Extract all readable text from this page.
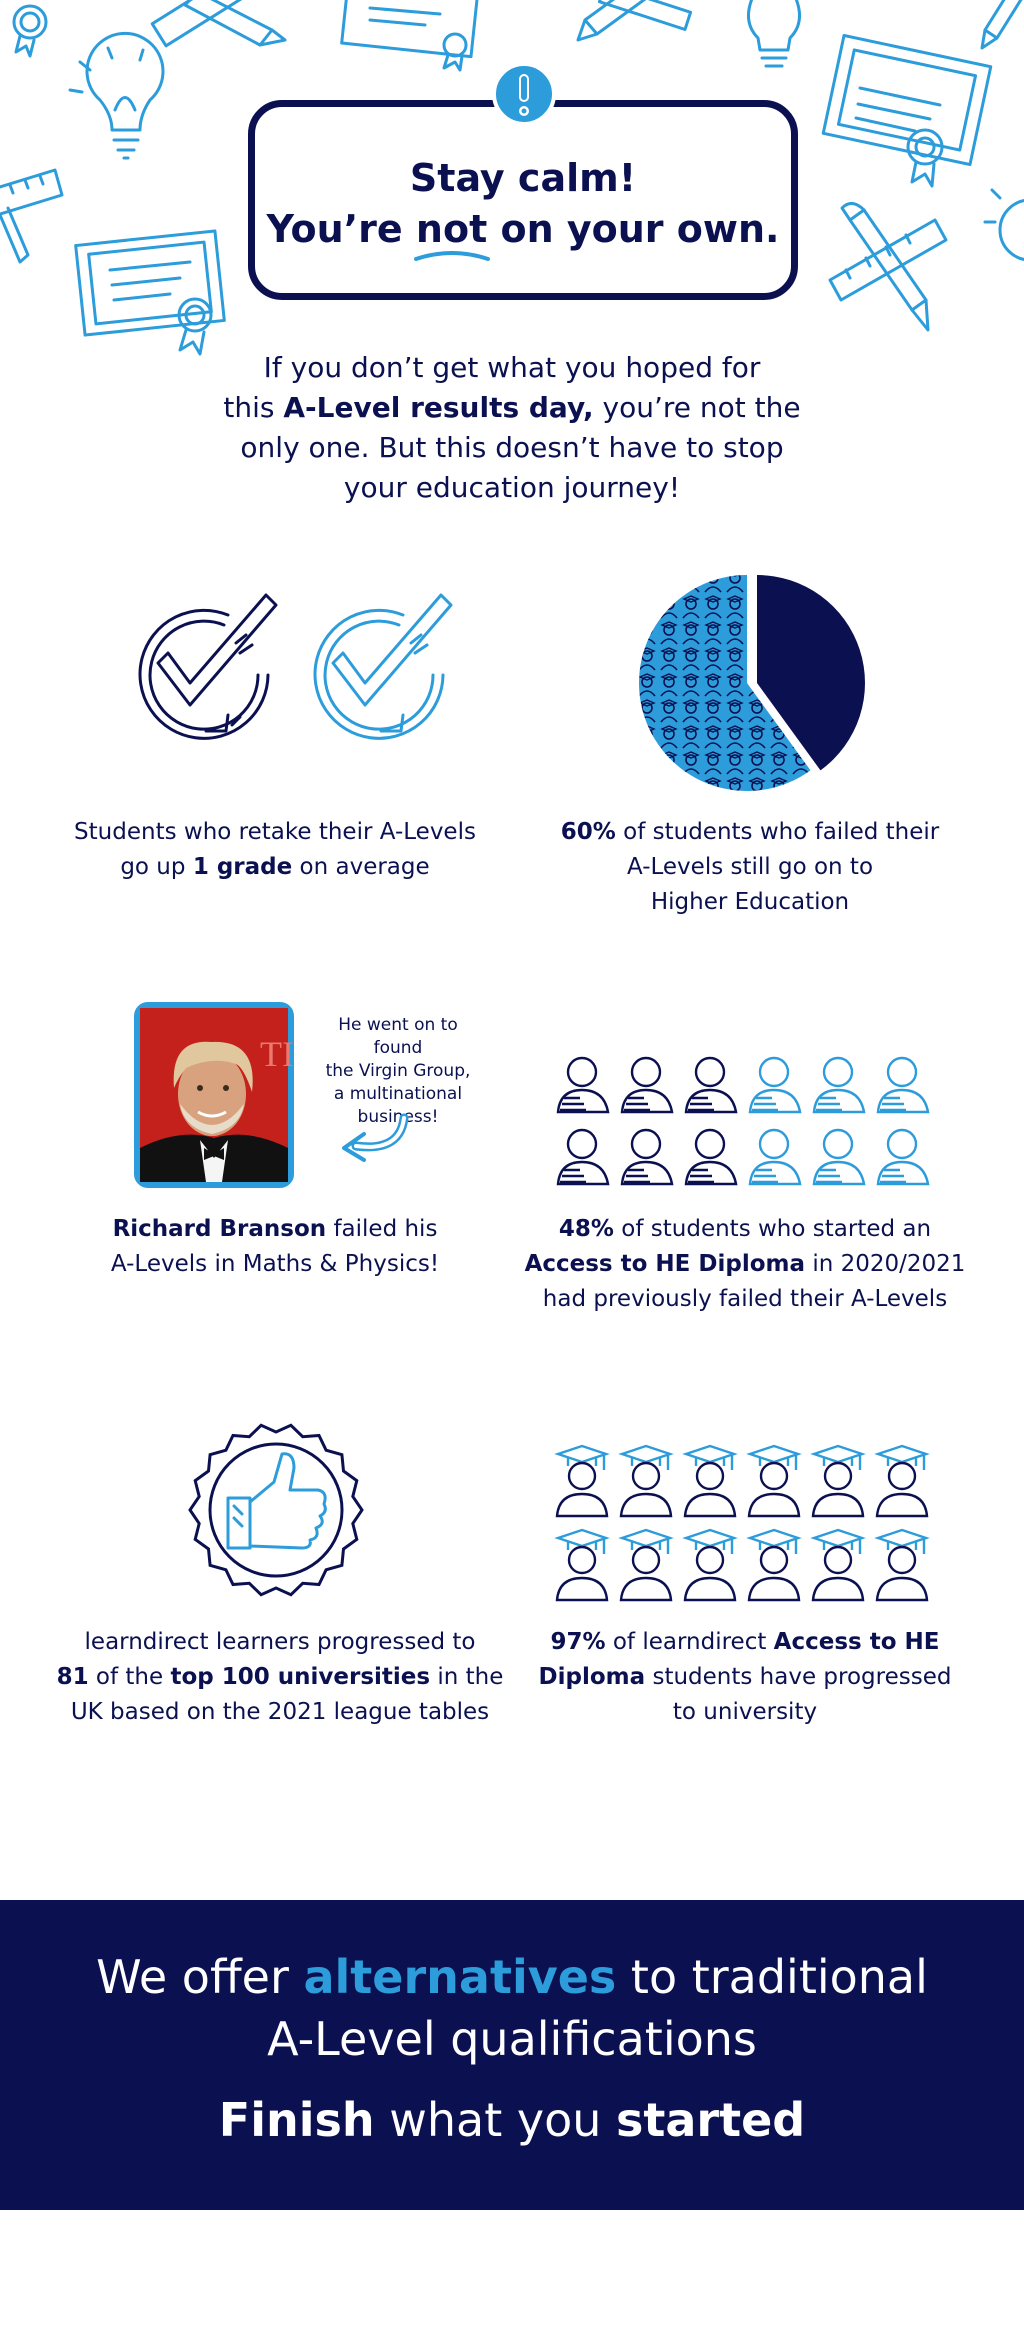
Stay calm!
You’re not
on your own.
If you don’t get what you hoped for
this A-Level results day, you’re not the
only one. But this doesn’t have to stop
your education journey!
Students who retake their A-Levels
go up 1 grade on average
60% of students who failed their
A-Levels still go on to
Higher Education
TI
He went on to found
the Virgin Group,
a multinational
business!
Richard Branson failed his
A-Levels in Maths & Physics!
48% of students who started an
Access to HE Diploma in 2020/2021
had previously failed their A-Levels
learndirect learners progressed to
81 of the top 100 universities in the
UK based on the 2021 league tables
97% of learndirect Access to HE
Diploma students have progressed
to university
We offer alternatives to traditional
A-Level qualifications
Finish what you started
